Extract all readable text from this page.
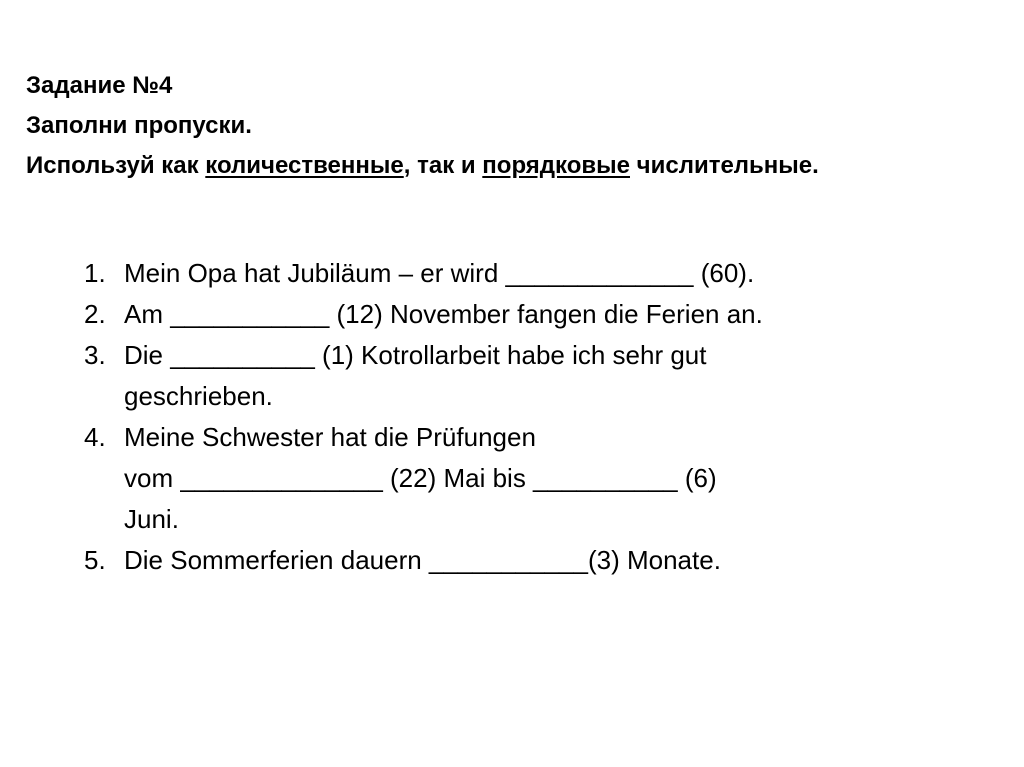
Задание №4
Заполни пропуски.
Используй как количественные, так и порядковые числительные.
1. Mein Opa hat Jubiläum – er wird _____________ (60).
2. Am ___________ (12) November fangen die Ferien an.
3. Die __________ (1) Kotrollarbeit habe ich sehr gut
geschrieben.
4. Meine Schwester hat die Prüfungen
vom ______________ (22) Mai bis __________ (6)
Juni.
5. Die Sommerferien dauern ___________(3) Monate.
